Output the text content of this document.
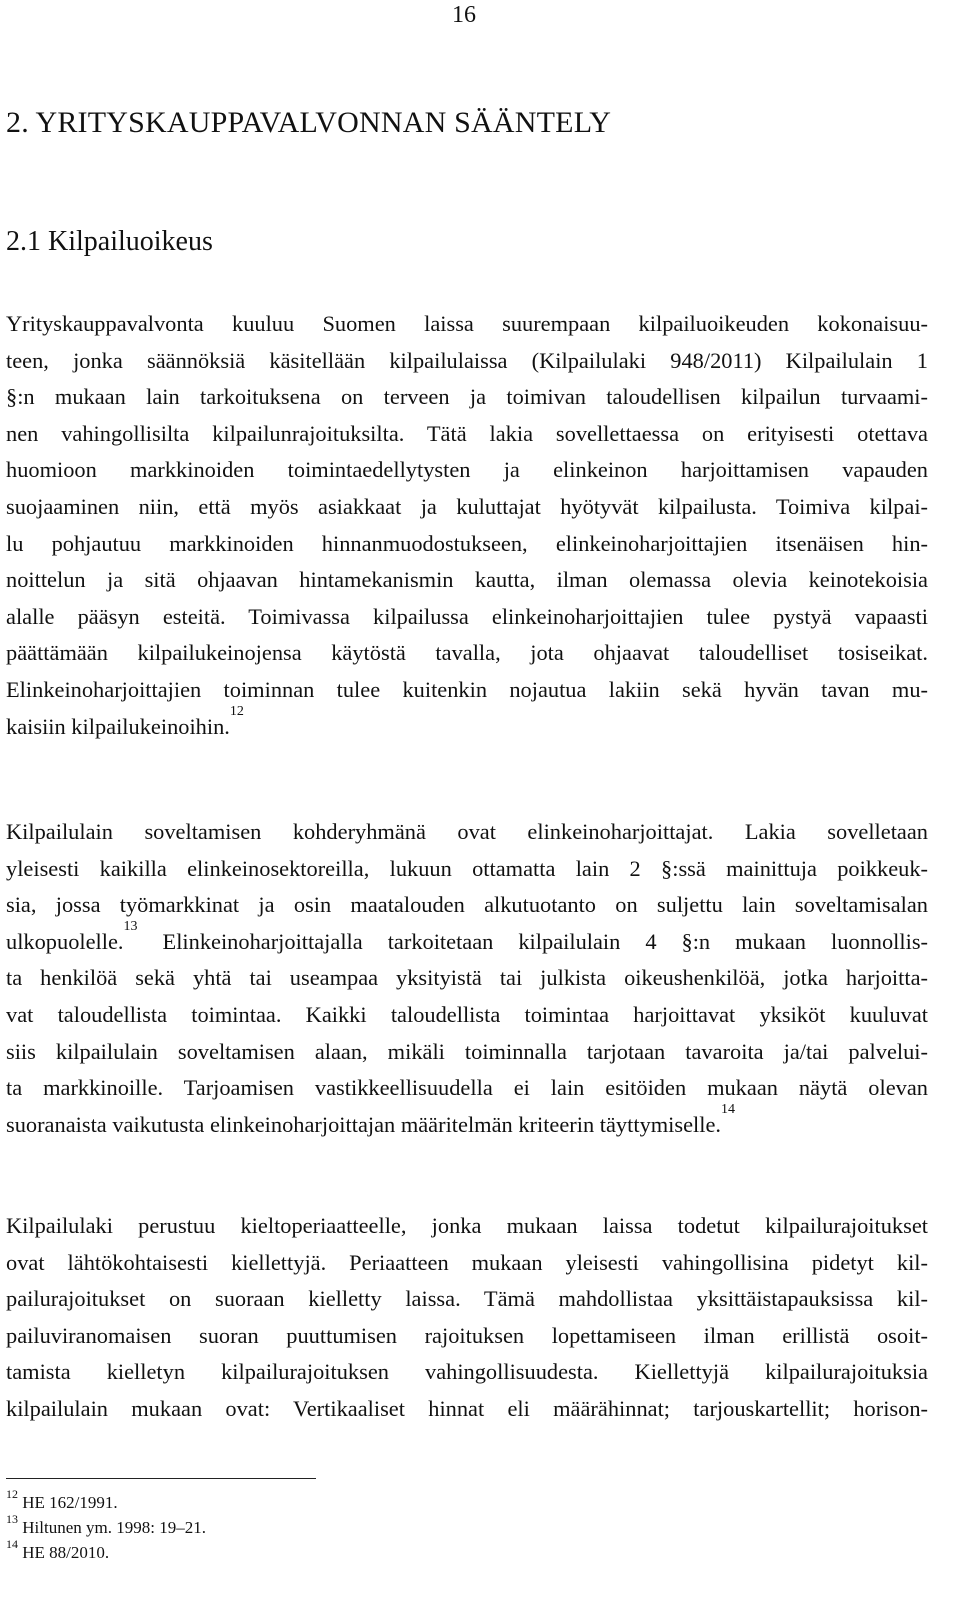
16
2. YRITYSKAUPPAVALVONNAN SÄÄNTELY
2.1 Kilpailuoikeus
Yrityskauppavalvonta kuuluu Suomen laissa suurempaan kilpailuoikeuden kokonaisuu-
teen, jonka säännöksiä käsitellään kilpailulaissa (Kilpailulaki 948/2011) Kilpailulain 1
§:n mukaan lain tarkoituksena on terveen ja toimivan taloudellisen kilpailun turvaami-
nen vahingollisilta kilpailunrajoituksilta. Tätä lakia sovellettaessa on erityisesti otettava
huomioon markkinoiden toimintaedellytysten ja elinkeinon harjoittamisen vapauden
suojaaminen niin, että myös asiakkaat ja kuluttajat hyötyvät kilpailusta. Toimiva kilpai-
lu pohjautuu markkinoiden hinnanmuodostukseen, elinkeinoharjoittajien itsenäisen hin-
noittelun ja sitä ohjaavan hintamekanismin kautta, ilman olemassa olevia keinotekoisia
alalle pääsyn esteitä. Toimivassa kilpailussa elinkeinoharjoittajien tulee pystyä vapaasti
päättämään kilpailukeinojensa käytöstä tavalla, jota ohjaavat taloudelliset tosiseikat.
Elinkeinoharjoittajien toiminnan tulee kuitenkin nojautua lakiin sekä hyvän tavan mu-
kaisiin kilpailukeinoihin.$^{12}$
Kilpailulain soveltamisen kohderyhmänä ovat elinkeinoharjoittajat. Lakia sovelletaan
yleisesti kaikilla elinkeinosektoreilla, lukuun ottamatta lain 2 §:ssä mainittuja poikkeuk-
sia, jossa työmarkkinat ja osin maatalouden alkutuotanto on suljettu lain soveltamisalan
ulkopuolelle.$^{13}$ Elinkeinoharjoittajalla tarkoitetaan kilpailulain 4 §:n mukaan luonnollis-
ta henkilöä sekä yhtä tai useampaa yksityistä tai julkista oikeushenkilöä, jotka harjoitta-
vat taloudellista toimintaa. Kaikki taloudellista toimintaa harjoittavat yksiköt kuuluvat
siis kilpailulain soveltamisen alaan, mikäli toiminnalla tarjotaan tavaroita ja/tai palvelui-
ta markkinoille. Tarjoamisen vastikkeellisuudella ei lain esitöiden mukaan näytä olevan
suoranaista vaikutusta elinkeinoharjoittajan määritelmän kriteerin täyttymiselle.$^{14}$
Kilpailulaki perustuu kieltoperiaatteelle, jonka mukaan laissa todetut kilpailurajoitukset
ovat lähtökohtaisesti kiellettyjä. Periaatteen mukaan yleisesti vahingollisina pidetyt kil-
pailurajoitukset on suoraan kielletty laissa. Tämä mahdollistaa yksittäistapauksissa kil-
pailuviranomaisen suoran puuttumisen rajoituksen lopettamiseen ilman erillistä osoit-
tamista kielletyn kilpailurajoituksen vahingollisuudesta. Kiellettyjä kilpailurajoituksia
kilpailulain mukaan ovat: Vertikaaliset hinnat eli määrähinnat; tarjouskartellit; horison-
$^{12}$ HE 162/1991.
$^{13}$ Hiltunen ym. 1998: 19–21.
$^{14}$ HE 88/2010.
